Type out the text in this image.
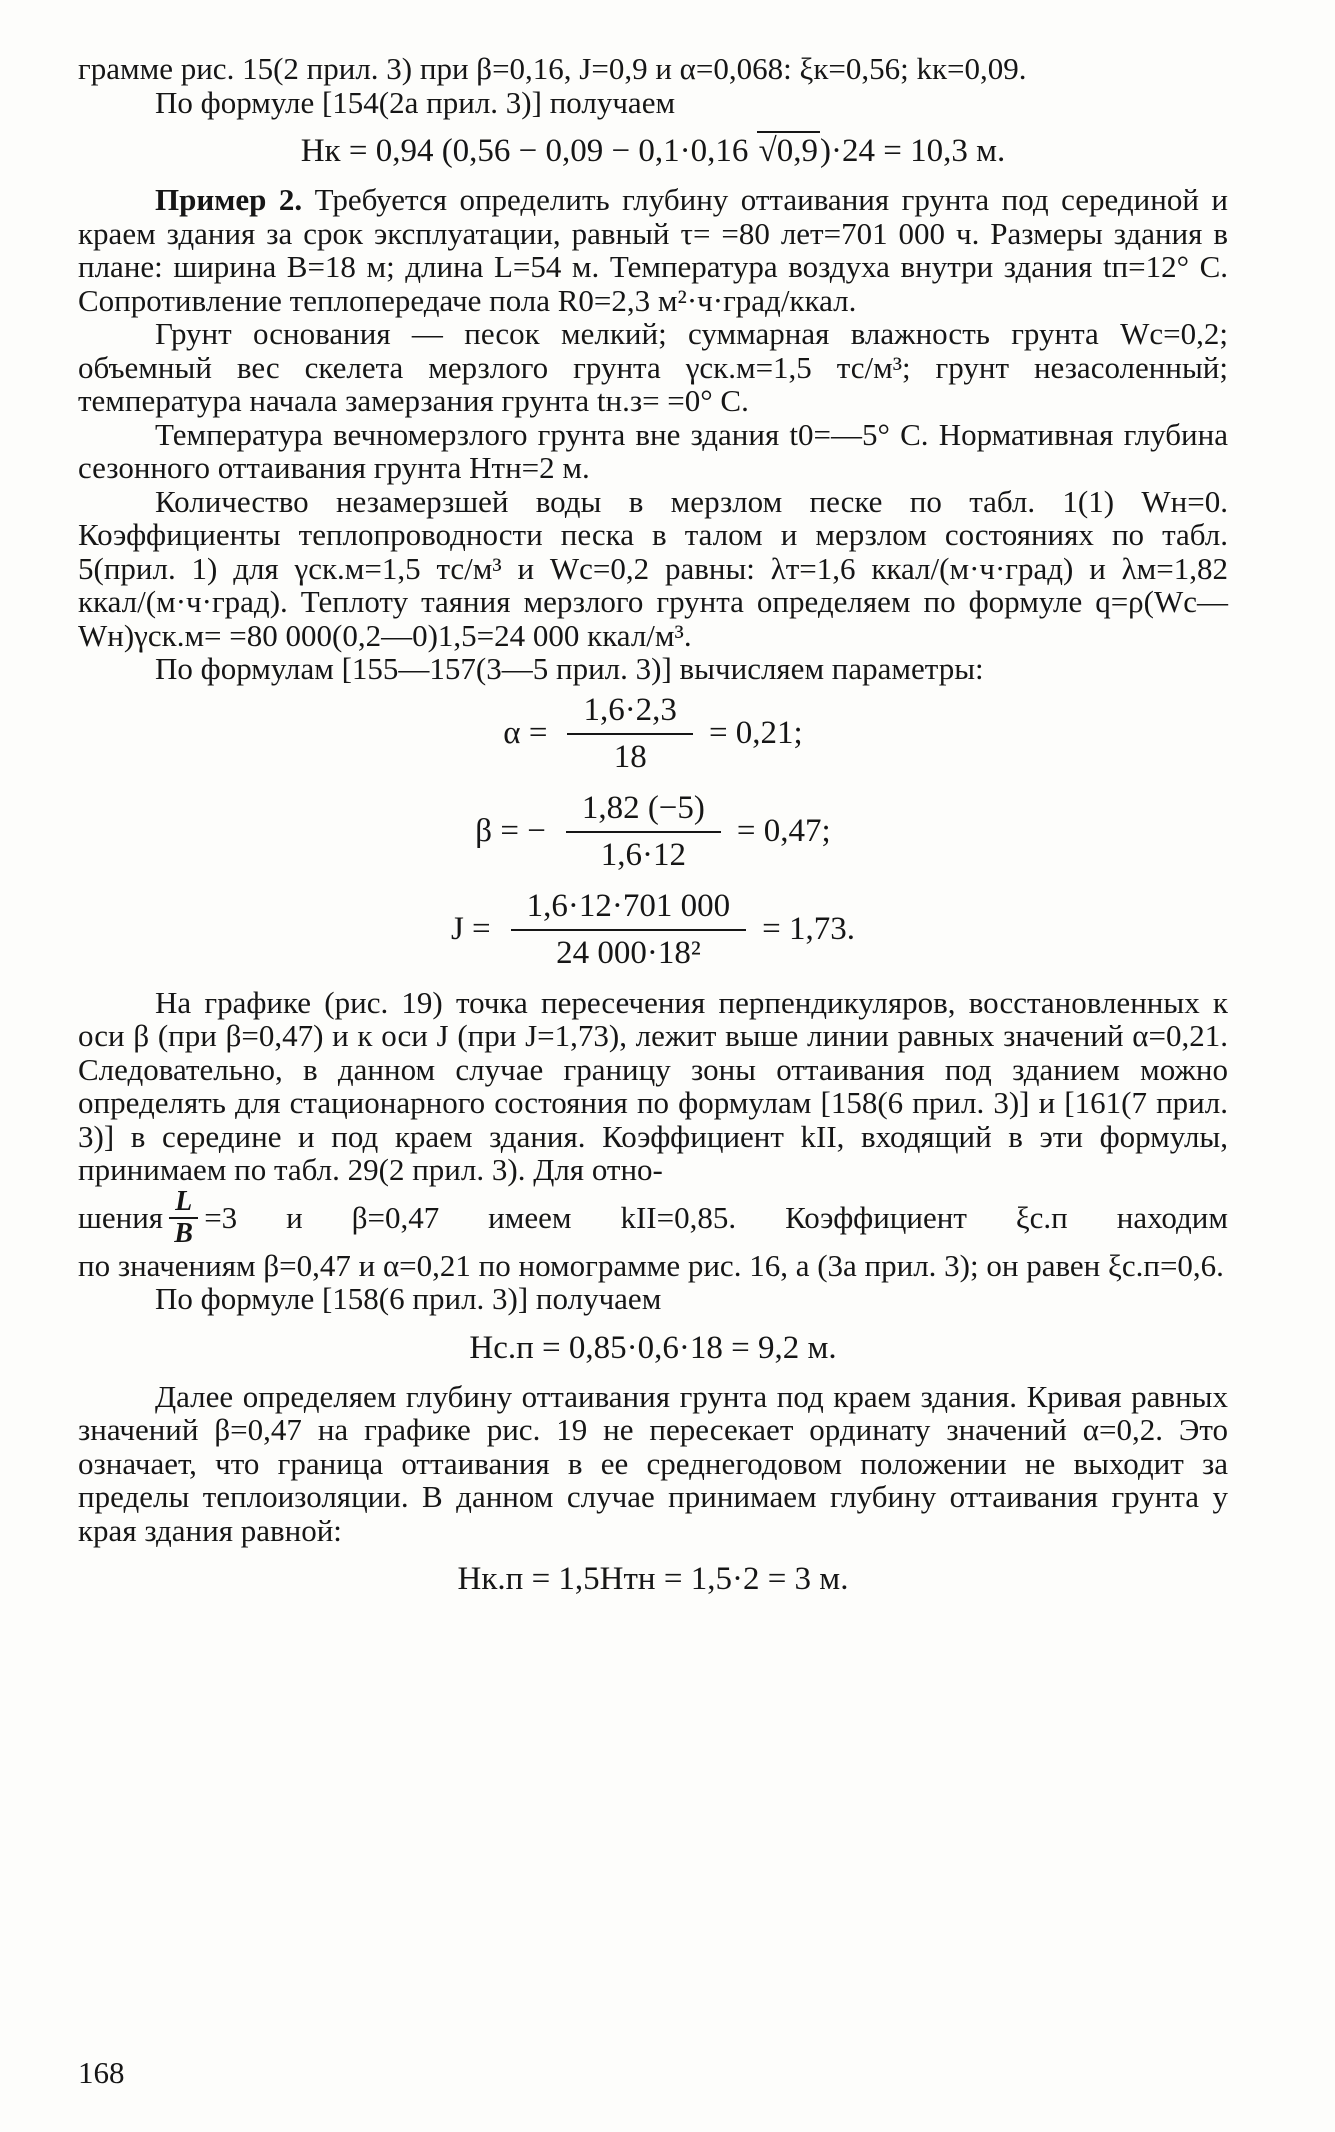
грамме рис. 15(2 прил. 3) при β=0,16, J=0,9 и α=0,068: ξк=0,56; kк=0,09.

По формуле [154(2а прил. 3)] получаем

Hк = 0,94 (0,56 − 0,09 − 0,1·0,16 √0,9)·24 = 10,3 м.

Пример 2. Требуется определить глубину оттаивания грунта под серединой и краем здания за срок эксплуатации, равный τ= =80 лет=701 000 ч. Размеры здания в плане: ширина B=18 м; длина L=54 м. Температура воздуха внутри здания tп=12° С. Сопротивление теплопередаче пола R0=2,3 м²·ч·град/ккал.

Грунт основания — песок мелкий; суммарная влажность грунта Wc=0,2; объемный вес скелета мерзлого грунта γск.м=1,5 тс/м³; грунт незасоленный; температура начала замерзания грунта tн.з= =0° С.

Температура вечномерзлого грунта вне здания t0=—5° С. Нормативная глубина сезонного оттаивания грунта Hтн=2 м.

Количество незамерзшей воды в мерзлом песке по табл. 1(1) Wн=0. Коэффициенты теплопроводности песка в талом и мерзлом состояниях по табл. 5(прил. 1) для γск.м=1,5 тс/м³ и Wc=0,2 равны: λт=1,6 ккал/(м·ч·град) и λм=1,82 ккал/(м·ч·град). Теплоту таяния мерзлого грунта определяем по формуле q=ρ(Wc—Wн)γск.м= =80 000(0,2—0)1,5=24 000 ккал/м³.

По формулам [155—157(3—5 прил. 3)] вычисляем параметры:

$\alpha = \frac{1,6\cdot 2,3}{18} = 0,21$;
β = − $\frac{1,82 (-5)}{1,6\cdot 12} = 0,47$;
$J = \frac{1,6\cdot 12\cdot 701 000}{\text{24 000·18²}} = 1,73$.

На графике (рис. 19) точка пересечения перпендикуляров, восстановленных к оси β (при β=0,47) и к оси J (при J=1,73), лежит выше линии равных значений α=0,21. Следовательно, в данном случае границу зоны оттаивания под зданием можно определять для стационарного состояния по формулам [158(6 прил. 3)] и [161(7 прил. 3)] в середине и под краем здания. Коэффициент kII, входящий в эти формулы, принимаем по табл. 29(2 прил. 3). Для отно-

шения $\frac{L}{B} =3$ и β=0,47 имеем kII=0,85. Коэффициент ξс.п находим

по значениям β=0,47 и α=0,21 по номограмме рис. 16, а (3а прил. 3); он равен ξс.п=0,6.

По формуле [158(6 прил. 3)] получаем

Hс.п = 0,85·0,6·18 = 9,2 м.

Далее определяем глубину оттаивания грунта под краем здания. Кривая равных значений β=0,47 на графике рис. 19 не пересекает ординату значений α=0,2. Это означает, что граница оттаивания в ее среднегодовом положении не выходит за пределы теплоизоляции. В данном случае принимаем глубину оттаивания грунта у края здания равной:

Hк.п = 1,5Hтн = 1,5·2 = 3 м.
168
